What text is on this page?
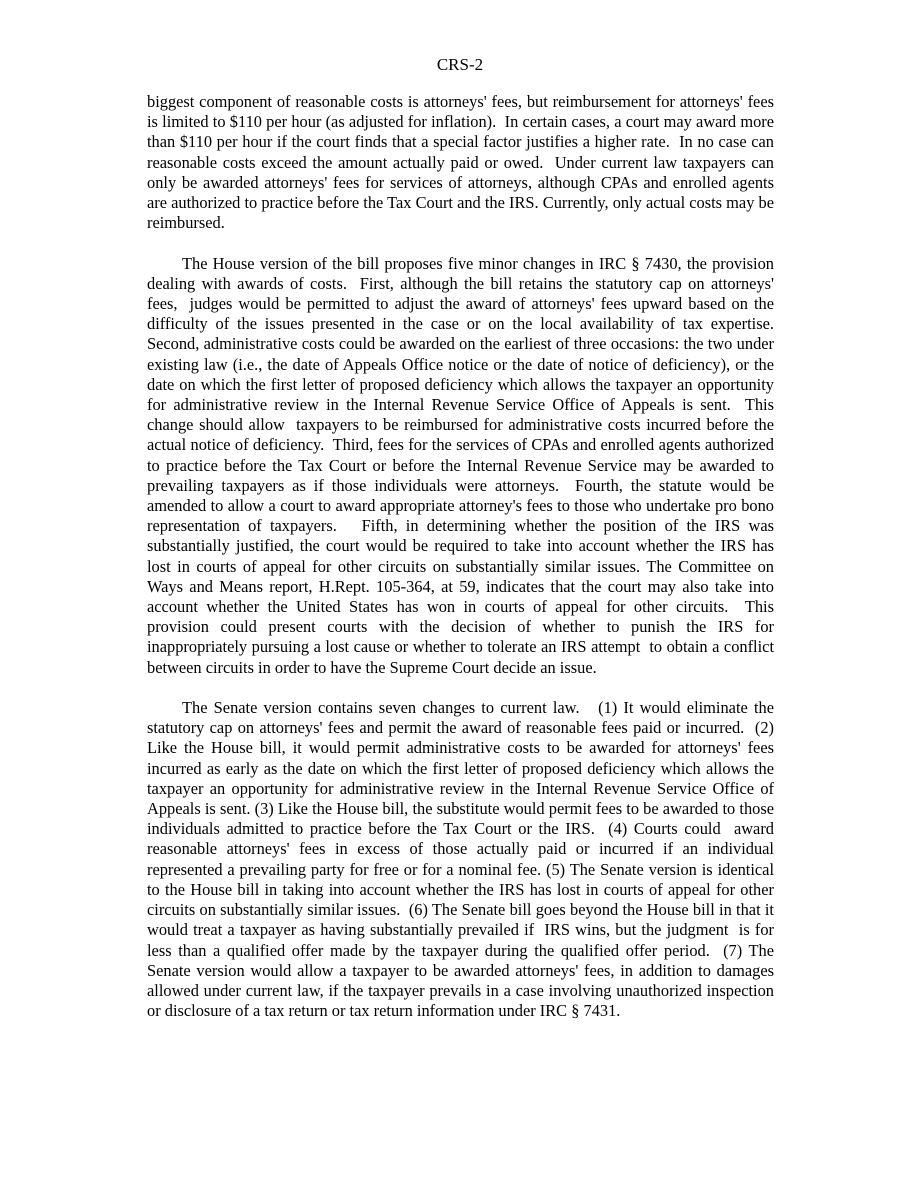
CRS-2

biggest component of reasonable costs is attorneys' fees, but reimbursement for attorneys' fees is limited to $110 per hour (as adjusted for inflation).  In certain cases, a court may award more than $110 per hour if the court finds that a special factor justifies a higher rate.  In no case can reasonable costs exceed the amount actually paid or owed.  Under current law taxpayers can only be awarded attorneys' fees for services of attorneys, although CPAs and enrolled agents are authorized to practice before the Tax Court and the IRS. Currently, only actual costs may be reimbursed.

The House version of the bill proposes five minor changes in IRC § 7430, the provision dealing with awards of costs.  First, although the bill retains the statutory cap on attorneys' fees,  judges would be permitted to adjust the award of attorneys' fees upward based on the difficulty of the issues presented in the case or on the local availability of tax expertise.  Second, administrative costs could be awarded on the earliest of three occasions: the two under existing law (i.e., the date of Appeals Office notice or the date of notice of deficiency), or the date on which the first letter of proposed deficiency which allows the taxpayer an opportunity for administrative review in the Internal Revenue Service Office of Appeals is sent.  This change should allow  taxpayers to be reimbursed for administrative costs incurred before the actual notice of deficiency.  Third, fees for the services of CPAs and enrolled agents authorized to practice before the Tax Court or before the Internal Revenue Service may be awarded to prevailing taxpayers as if those individuals were attorneys.  Fourth, the statute would be amended to allow a court to award appropriate attorney's fees to those who undertake pro bono representation of taxpayers.   Fifth, in determining whether the position of the IRS was substantially justified, the court would be required to take into account whether the IRS has lost in courts of appeal for other circuits on substantially similar issues. The Committee on Ways and Means report, H.Rept. 105-364, at 59, indicates that the court may also take into account whether the United States has won in courts of appeal for other circuits.  This provision could present courts with the decision of whether to punish the IRS for inappropriately pursuing a lost cause or whether to tolerate an IRS attempt  to obtain a conflict between circuits in order to have the Supreme Court decide an issue.

The Senate version contains seven changes to current law.   (1) It would eliminate the statutory cap on attorneys' fees and permit the award of reasonable fees paid or incurred.  (2) Like the House bill, it would permit administrative costs to be awarded for attorneys' fees incurred as early as the date on which the first letter of proposed deficiency which allows the taxpayer an opportunity for administrative review in the Internal Revenue Service Office of Appeals is sent. (3) Like the House bill, the substitute would permit fees to be awarded to those individuals admitted to practice before the Tax Court or the IRS.  (4) Courts could  award reasonable attorneys' fees in excess of those actually paid or incurred if an individual represented a prevailing party for free or for a nominal fee. (5) The Senate version is identical to the House bill in taking into account whether the IRS has lost in courts of appeal for other circuits on substantially similar issues.  (6) The Senate bill goes beyond the House bill in that it would treat a taxpayer as having substantially prevailed if  IRS wins, but the judgment  is for  less than a qualified offer made by the taxpayer during the qualified offer period.  (7) The Senate version would allow a taxpayer to be awarded attorneys' fees, in addition to damages allowed under current law, if the taxpayer prevails in a case involving unauthorized inspection or disclosure of a tax return or tax return information under IRC § 7431.
